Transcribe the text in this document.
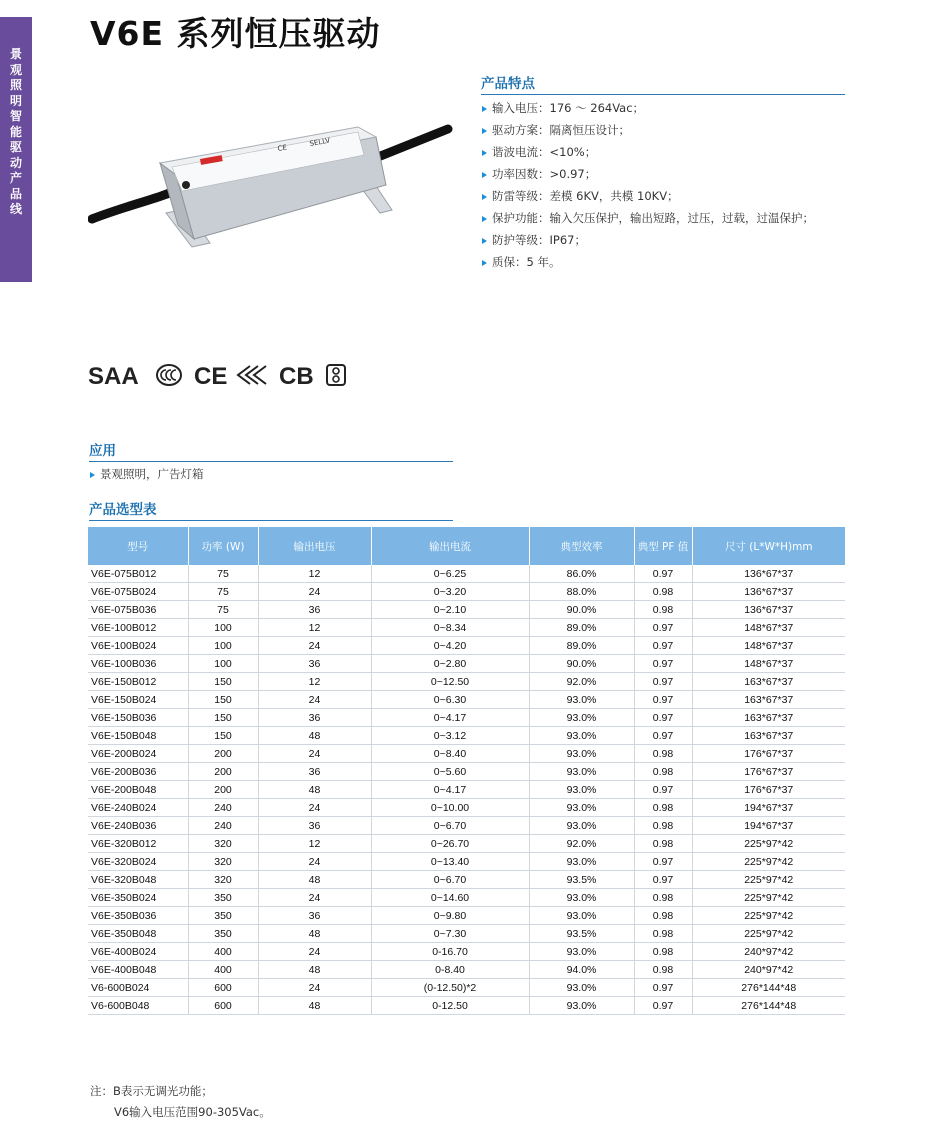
景
观
照
明
智
能
驱
动
产
品
线
V6E 系列恒压驱动
CE
SELLV
产品特点
输入电压：176 ～ 264Vac；
驱动方案：隔离恒压设计；
谐波电流：<10%；
功率因数：>0.97；
防雷等级：差模 6KV，共模 10KV；
保护功能：输入欠压保护，输出短路，过压，过载，过温保护；
防护等级：IP67；
质保：5 年。
SAA CE CB
应用
景观照明，广告灯箱
产品选型表
型号	功率 (W)	输出电压	输出电流	典型效率	典型 PF 值	尺寸 (L*W*H)mm
V6E-075B012	75	12	0~6.25	86.0%	0.97	136*67*37
V6E-075B024	75	24	0~3.20	88.0%	0.98	136*67*37
V6E-075B036	75	36	0~2.10	90.0%	0.98	136*67*37
V6E-100B012	100	12	0~8.34	89.0%	0.97	148*67*37
V6E-100B024	100	24	0~4.20	89.0%	0.97	148*67*37
V6E-100B036	100	36	0~2.80	90.0%	0.97	148*67*37
V6E-150B012	150	12	0~12.50	92.0%	0.97	163*67*37
V6E-150B024	150	24	0~6.30	93.0%	0.97	163*67*37
V6E-150B036	150	36	0~4.17	93.0%	0.97	163*67*37
V6E-150B048	150	48	0~3.12	93.0%	0.97	163*67*37
V6E-200B024	200	24	0~8.40	93.0%	0.98	176*67*37
V6E-200B036	200	36	0~5.60	93.0%	0.98	176*67*37
V6E-200B048	200	48	0~4.17	93.0%	0.97	176*67*37
V6E-240B024	240	24	0~10.00	93.0%	0.98	194*67*37
V6E-240B036	240	36	0~6.70	93.0%	0.98	194*67*37
V6E-320B012	320	12	0~26.70	92.0%	0.98	225*97*42
V6E-320B024	320	24	0~13.40	93.0%	0.97	225*97*42
V6E-320B048	320	48	0~6.70	93.5%	0.97	225*97*42
V6E-350B024	350	24	0~14.60	93.0%	0.98	225*97*42
V6E-350B036	350	36	0~9.80	93.0%	0.98	225*97*42
V6E-350B048	350	48	0~7.30	93.5%	0.98	225*97*42
V6E-400B024	400	24	0-16.70	93.0%	0.98	240*97*42
V6E-400B048	400	48	0-8.40	94.0%	0.98	240*97*42
V6-600B024	600	24	(0-12.50)*2	93.0%	0.97	276*144*48
V6-600B048	600	48	0-12.50	93.0%	0.97	276*144*48
注：B表示无调光功能；
V6输入电压范围90-305Vac。
